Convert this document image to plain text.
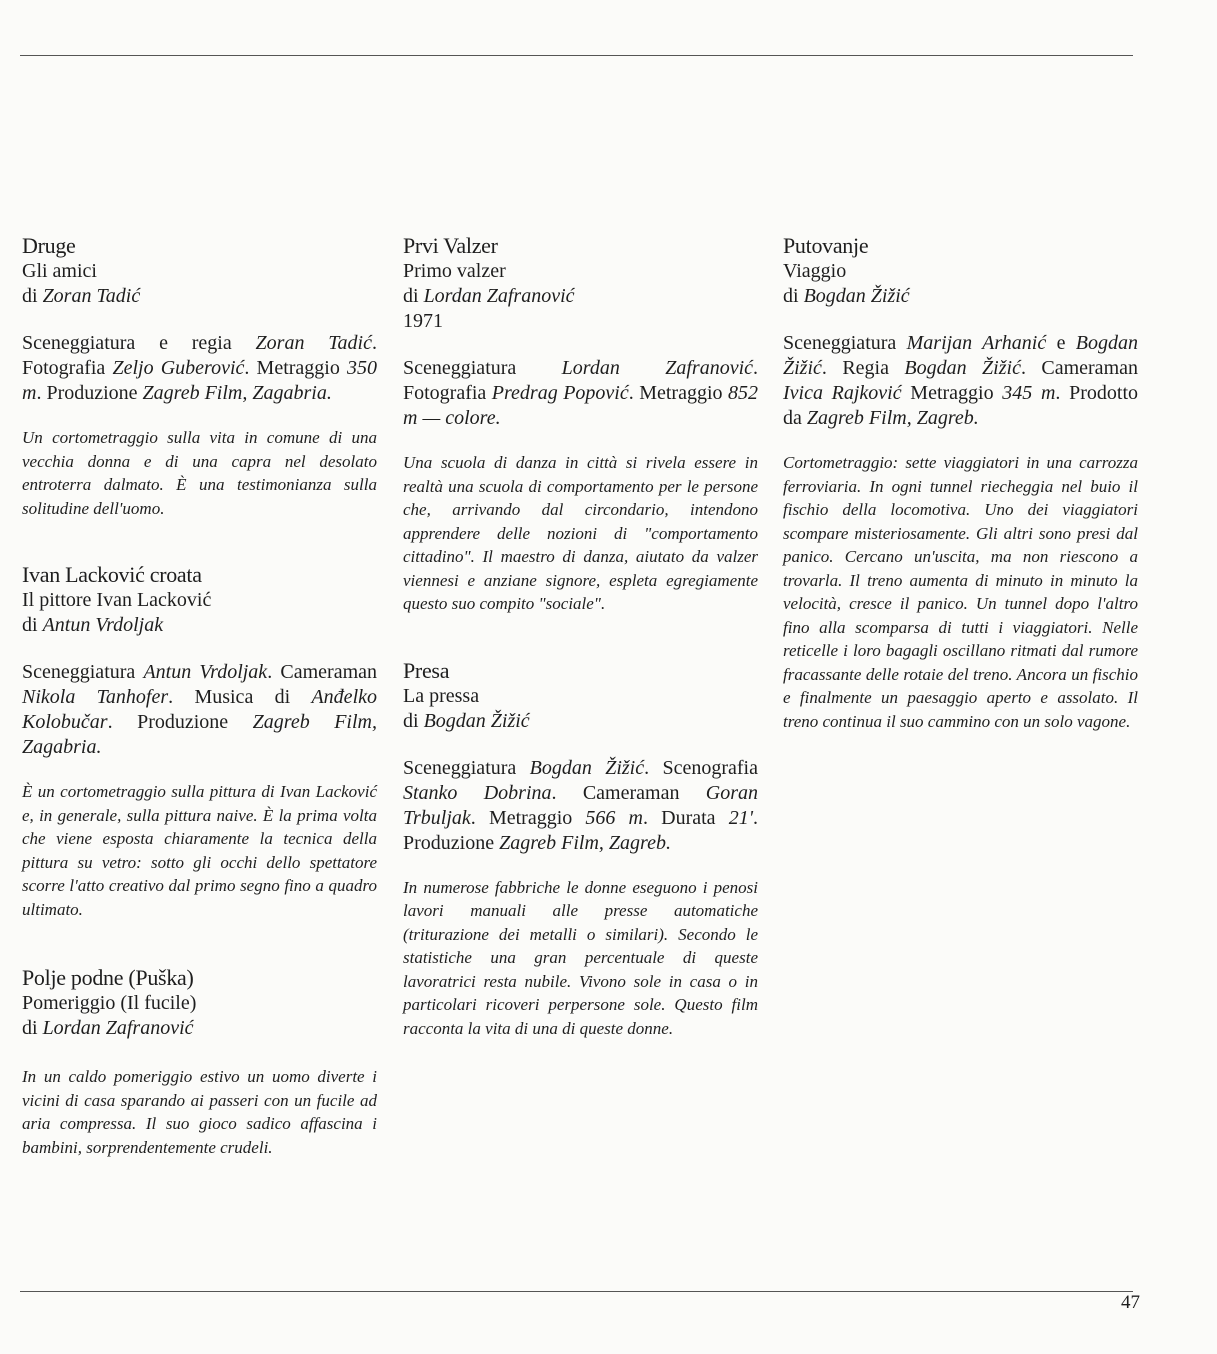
Druge
Gli amici
di Zoran Tadić
Sceneggiatura e regia Zoran Tadić. Fotografia Zeljo Guberović. Metraggio 350 m. Produzione Zagreb Film, Zagabria.
Un cortometraggio sulla vita in comune di una vecchia donna e di una capra nel desolato entroterra dalmato. È una testimonianza sulla solitudine dell'uomo.
Ivan Lacković croata
Il pittore Ivan Lacković
di Antun Vrdoljak
Sceneggiatura Antun Vrdoljak. Cameraman Nikola Tanhofer. Musica di Anđelko Kolobučar. Produzione Zagreb Film, Zagabria.
È un cortometraggio sulla pittura di Ivan Lacković e, in generale, sulla pittura naive. È la prima volta che viene esposta chiaramente la tecnica della pittura su vetro: sotto gli occhi dello spettatore scorre l'atto creativo dal primo segno fino a quadro ultimato.
Polje podne (Puška)
Pomeriggio (Il fucile)
di Lordan Zafranović
In un caldo pomeriggio estivo un uomo diverte i vicini di casa sparando ai passeri con un fucile ad aria compressa. Il suo gioco sadico affascina i bambini, sorprendentemente crudeli.
Prvi Valzer
Primo valzer
di Lordan Zafranović
1971
Sceneggiatura Lordan Zafranović. Fotografia Predrag Popović. Metraggio 852 m — colore.
Una scuola di danza in città si rivela essere in realtà una scuola di comportamento per le persone che, arrivando dal circondario, intendono apprendere delle nozioni di "comportamento cittadino". Il maestro di danza, aiutato da valzer viennesi e anziane signore, espleta egregiamente questo suo compito "sociale".
Presa
La pressa
di Bogdan Žižić
Sceneggiatura Bogdan Žižić. Scenografia Stanko Dobrina. Cameraman Goran Trbuljak. Metraggio 566 m. Durata 21'. Produzione Zagreb Film, Zagreb.
In numerose fabbriche le donne eseguono i penosi lavori manuali alle presse automatiche (triturazione dei metalli o similari). Secondo le statistiche una gran percentuale di queste lavoratrici resta nubile. Vivono sole in casa o in particolari ricoveri perpersone sole. Questo film racconta la vita di una di queste donne.
Putovanje
Viaggio
di Bogdan Žižić
Sceneggiatura Marijan Arhanić e Bogdan Žižić. Regia Bogdan Žižić. Cameraman Ivica Rajković Metraggio 345 m. Prodotto da Zagreb Film, Zagreb.
Cortometraggio: sette viaggiatori in una carrozza ferroviaria. In ogni tunnel riecheggia nel buio il fischio della locomotiva. Uno dei viaggiatori scompare misteriosamente. Gli altri sono presi dal panico. Cercano un'uscita, ma non riescono a trovarla. Il treno aumenta di minuto in minuto la velocità, cresce il panico. Un tunnel dopo l'altro fino alla scomparsa di tutti i viaggiatori. Nelle reticelle i loro bagagli oscillano ritmati dal rumore fracassante delle rotaie del treno. Ancora un fischio e finalmente un paesaggio aperto e assolato. Il treno continua il suo cammino con un solo vagone.
47
